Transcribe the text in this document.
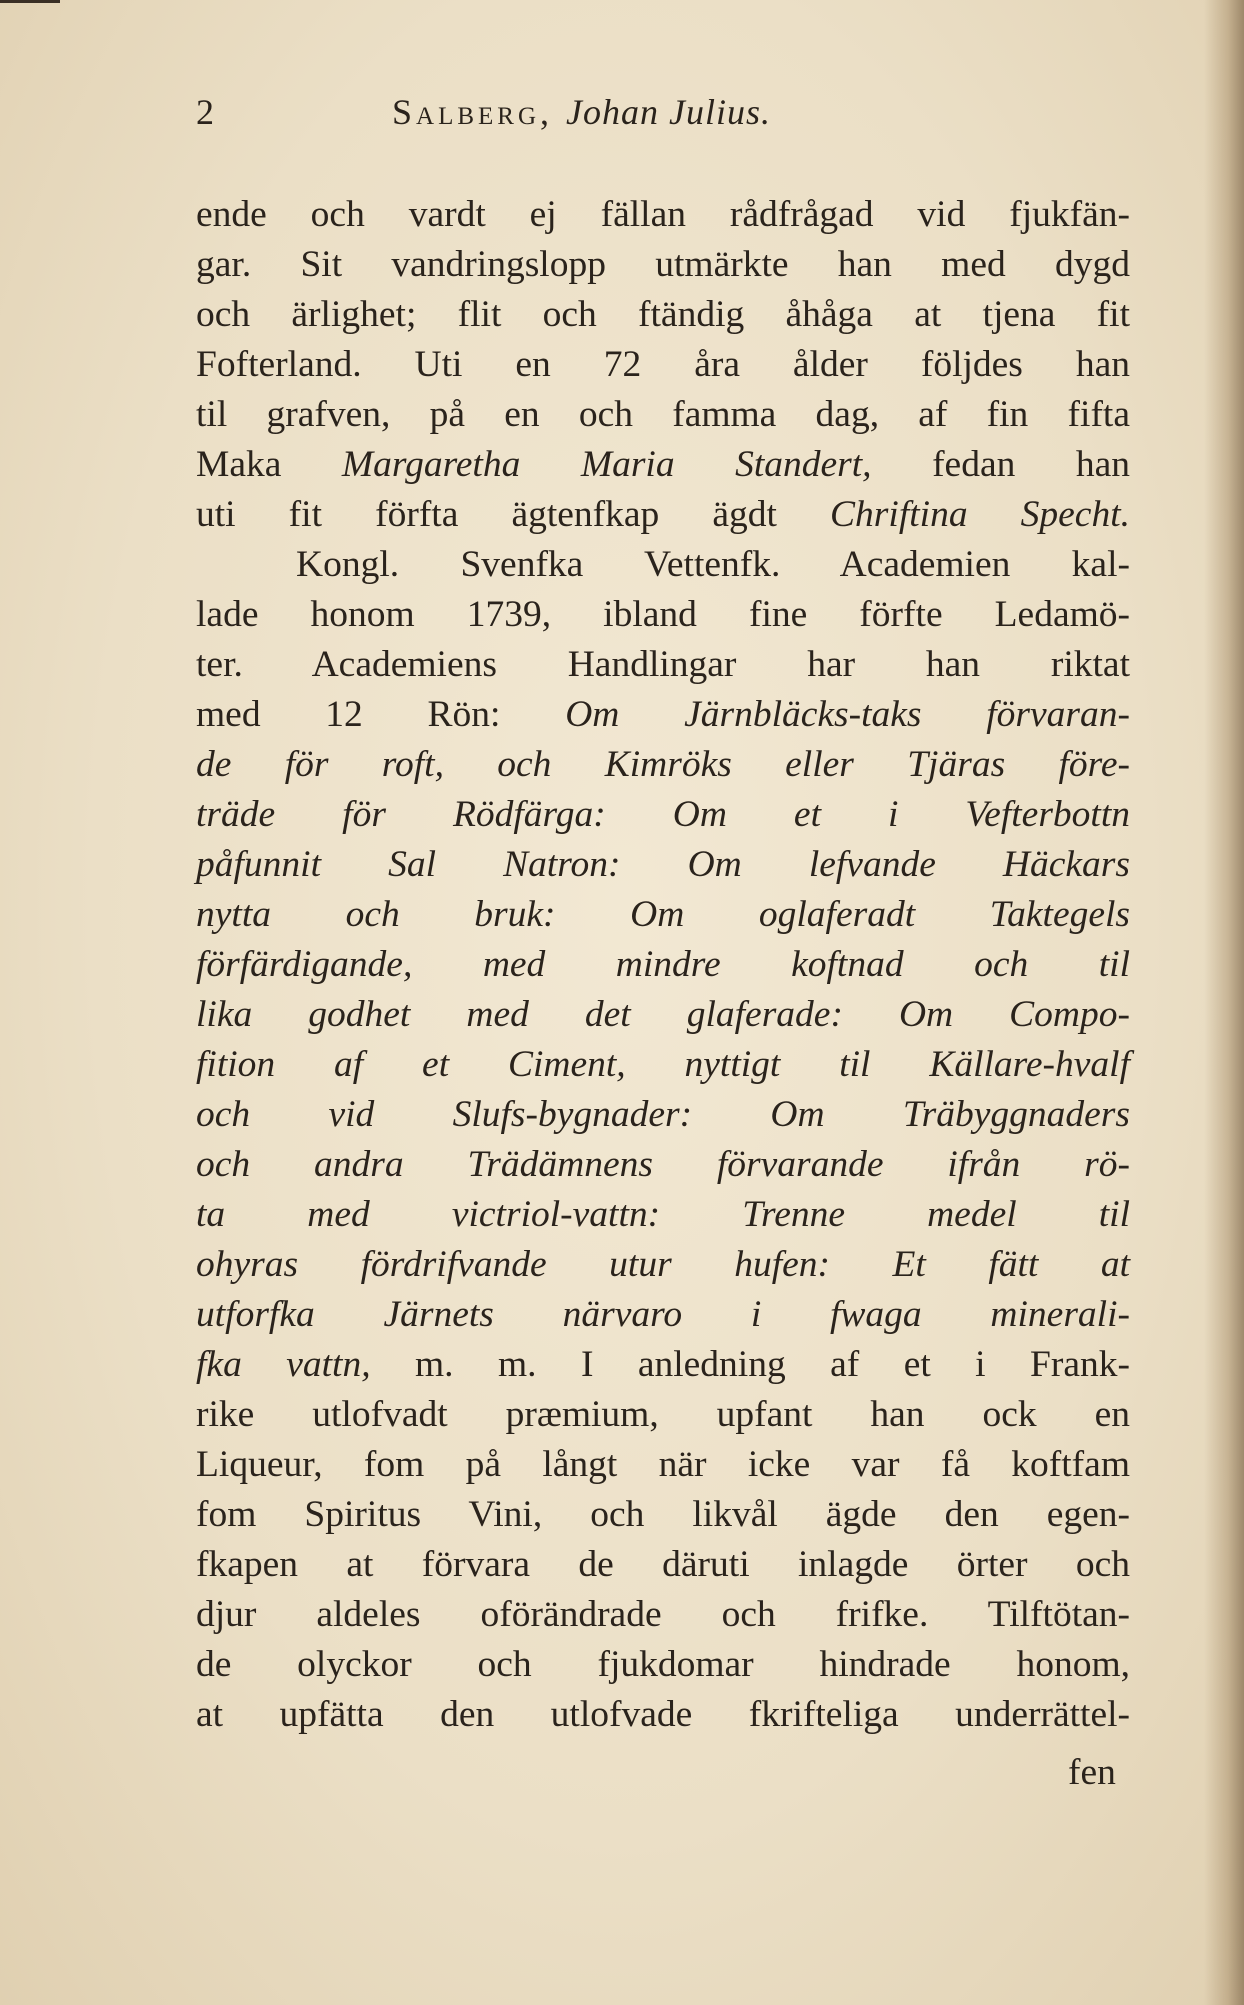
2	Salberg, Johan Julius.
ende och vardt ej fällan rådfrågad vid fjukfän-
gar. Sit vandringslopp utmärkte han med dygd
och ärlighet; flit och ftändig åhåga at tjena fit
Fofterland. Uti en 72 åra ålder följdes han
til grafven, på en och famma dag, af fin fifta
Maka Margaretha Maria Standert, fedan han
uti fit förfta ägtenfkap ägdt Chriftina Specht.
Kongl. Svenfka Vettenfk. Academien kal-
lade honom 1739, ibland fine förfte Ledamö-
ter. Academiens Handlingar har han riktat
med 12 Rön: Om Järnbläcks-taks förvaran-
de för roft, och Kimröks eller Tjäras före-
träde för Rödfärga: Om et i Vefterbottn
påfunnit Sal Natron: Om lefvande Häckars
nytta och bruk: Om oglaferadt Taktegels
förfärdigande, med mindre koftnad och til
lika godhet med det glaferade: Om Compo-
fition af et Ciment, nyttigt til Källare-hvalf
och vid Slufs-bygnader: Om Träbyggnaders
och andra Trädämnens förvarande ifrån rö-
ta med victriol-vattn: Trenne medel til
ohyras fördrifvande utur hufen: Et fätt at
utforfka Järnets närvaro i fwaga minerali-
fka vattn, m. m. I anledning af et i Frank-
rike utlofvadt præmium, upfant han ock en
Liqueur, fom på långt när icke var få koftfam
fom Spiritus Vini, och likvål ägde den egen-
fkapen at förvara de däruti inlagde örter och
djur aldeles oförändrade och frifke. Tilftötan-
de olyckor och fjukdomar hindrade honom,
at upfätta den utlofvade fkrifteliga underrättel-
fen
